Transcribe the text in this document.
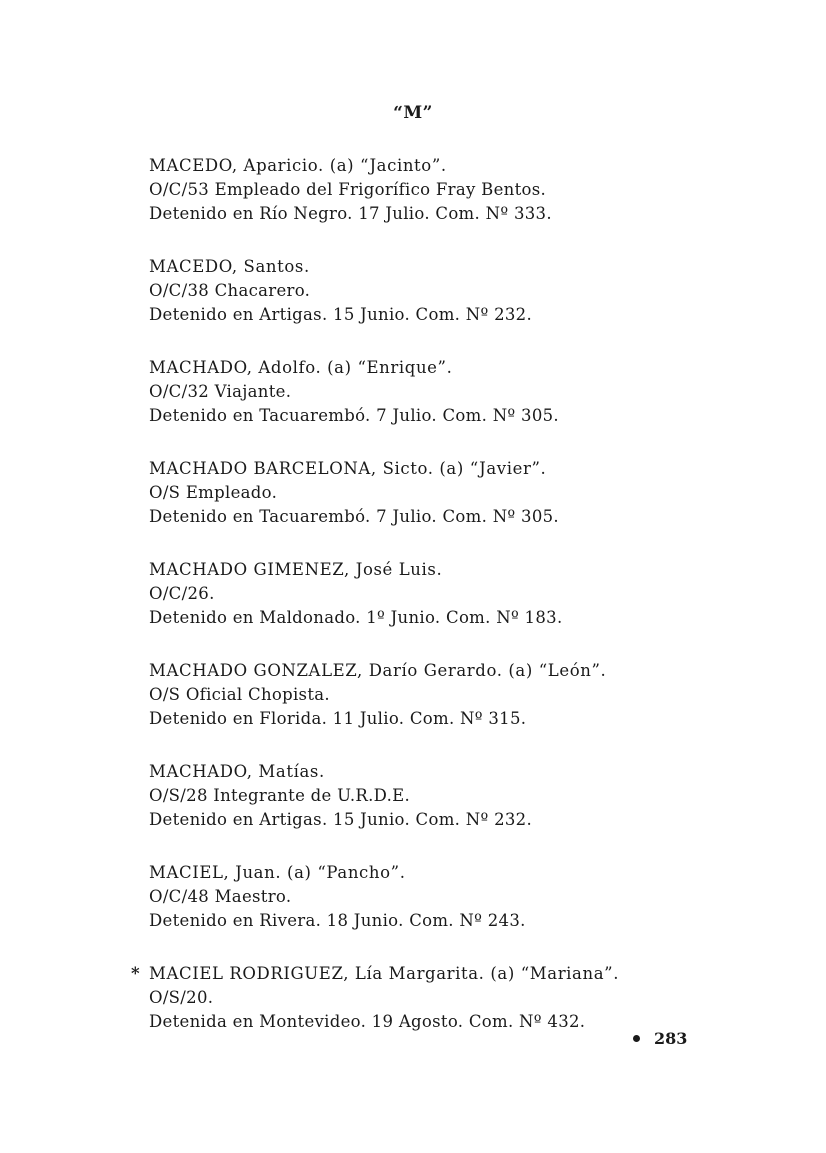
“M”
MACEDO, Aparicio. (a) “Jacinto”.
O/C/53 Empleado del Frigorífico Fray Bentos.
Detenido en Río Negro. 17 Julio. Com. Nº 333.
MACEDO, Santos.
O/C/38 Chacarero.
Detenido en Artigas. 15 Junio. Com. Nº 232.
MACHADO, Adolfo. (a) “Enrique”.
O/C/32 Viajante.
Detenido en Tacuarembó. 7 Julio. Com. Nº 305.
MACHADO BARCELONA, Sicto. (a) “Javier”.
O/S Empleado.
Detenido en Tacuarembó. 7 Julio. Com. Nº 305.
MACHADO GIMENEZ, José Luis.
O/C/26.
Detenido en Maldonado. 1º Junio. Com. Nº 183.
MACHADO GONZALEZ, Darío Gerardo. (a) “León”.
O/S Oficial Chopista.
Detenido en Florida. 11 Julio. Com. Nº 315.
MACHADO, Matías.
O/S/28 Integrante de U.R.D.E.
Detenido en Artigas. 15 Junio. Com. Nº 232.
MACIEL, Juan. (a) “Pancho”.
O/C/48 Maestro.
Detenido en Rivera. 18 Junio. Com. Nº 243.
* MACIEL RODRIGUEZ, Lía Margarita. (a) “Mariana”.
O/S/20.
Detenida en Montevideo. 19 Agosto. Com. Nº 432.
283
